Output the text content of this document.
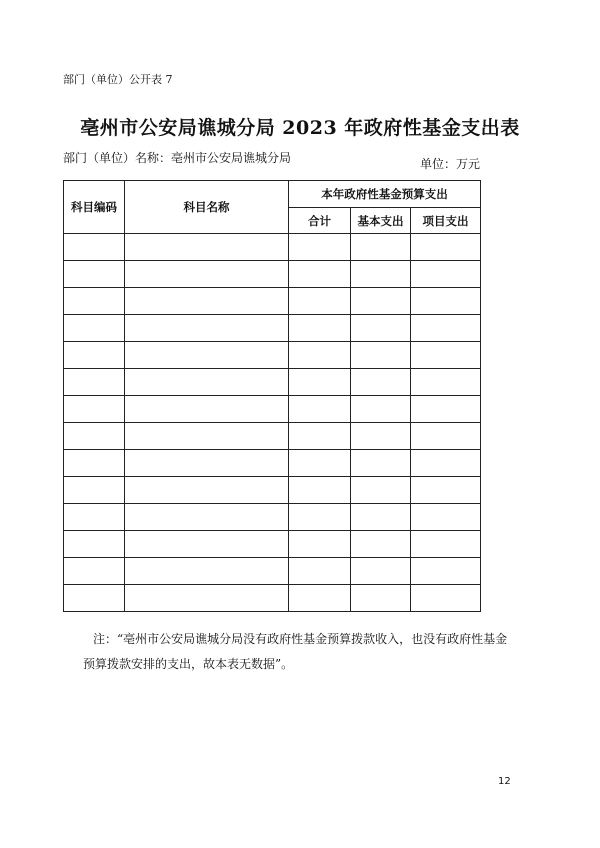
部门（单位）公开表 7
亳州市公安局谯城分局 2023 年政府性基金支出表
部门（单位）名称：亳州市公安局谯城分局	单位：万元
科目编码	科目名称	本年政府性基金预算支出		
		合计	基本支出	项目支出

注：“亳州市公安局谯城分局没有政府性基金预算拨款收入，也没有政府性基金
预算拨款安排的支出，故本表无数据”。
12
